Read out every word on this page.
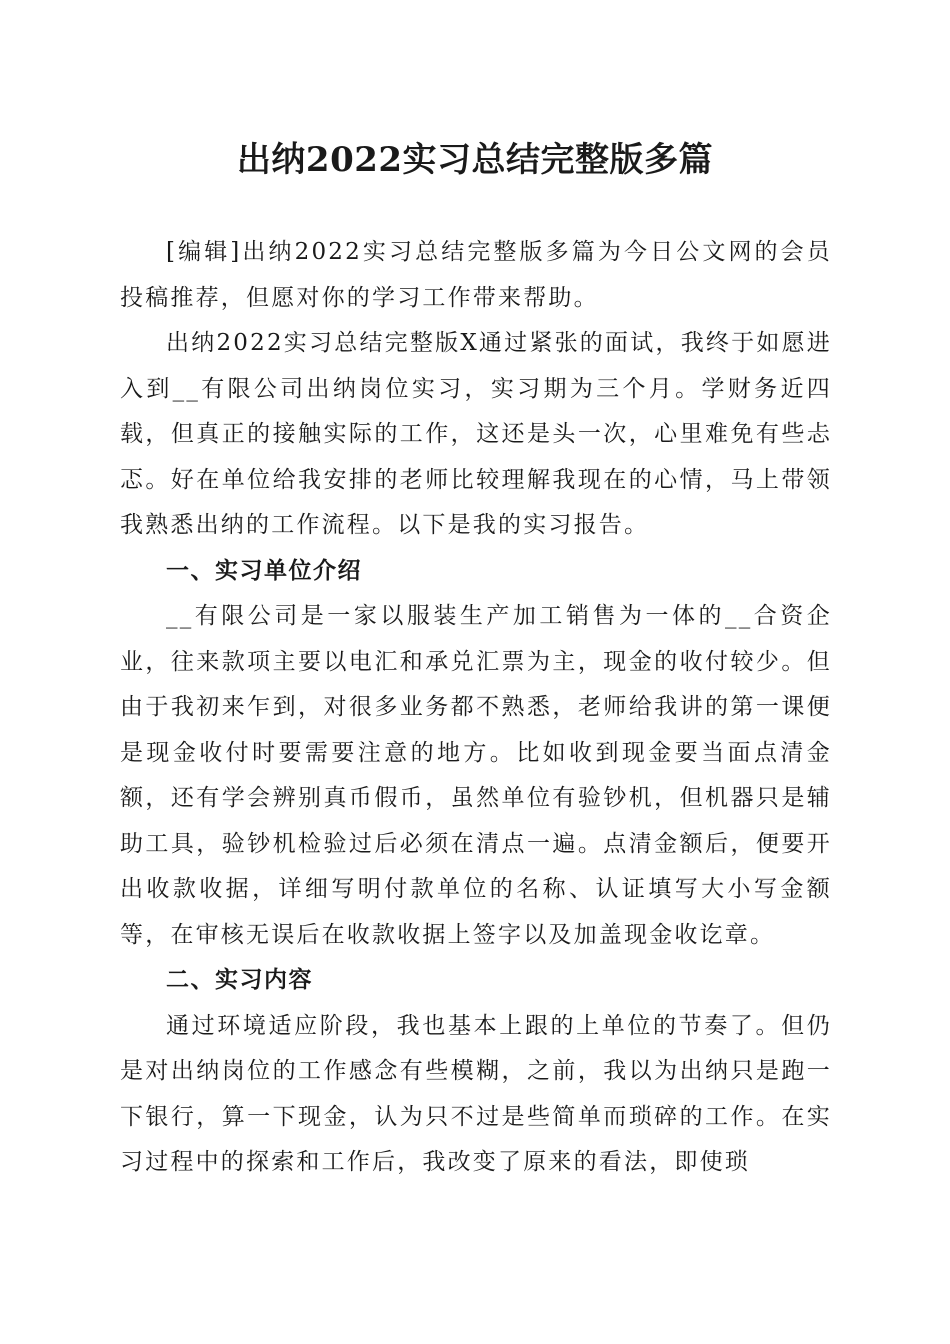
出纳2022实习总结完整版多篇

[编辑]出纳2022实习总结完整版多篇为今日公文网的会员投稿推荐，但愿对你的学习工作带来帮助。

出纳2022实习总结完整版X通过紧张的面试，我终于如愿进入到__有限公司出纳岗位实习，实习期为三个月。学财务近四载，但真正的接触实际的工作，这还是头一次，心里难免有些忐忑。好在单位给我安排的老师比较理解我现在的心情，马上带领我熟悉出纳的工作流程。以下是我的实习报告。

一、实习单位介绍

__有限公司是一家以服装生产加工销售为一体的__合资企业，往来款项主要以电汇和承兑汇票为主，现金的收付较少。但由于我初来乍到，对很多业务都不熟悉，老师给我讲的第一课便是现金收付时要需要注意的地方。比如收到现金要当面点清金额，还有学会辨别真币假币，虽然单位有验钞机，但机器只是辅助工具，验钞机检验过后必须在清点一遍。点清金额后，便要开出收款收据，详细写明付款单位的名称、认证填写大小写金额等，在审核无误后在收款收据上签字以及加盖现金收讫章。

二、实习内容

通过环境适应阶段，我也基本上跟的上单位的节奏了。但仍是对出纳岗位的工作感念有些模糊，之前，我以为出纳只是跑一下银行，算一下现金，认为只不过是些简单而琐碎的工作。在实习过程中的探索和工作后，我改变了原来的看法，即使琐
